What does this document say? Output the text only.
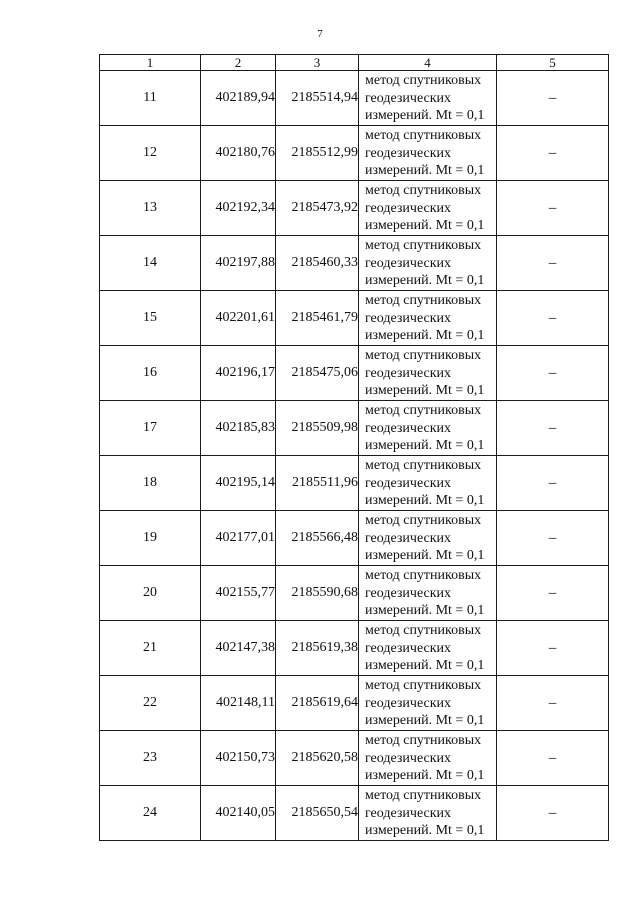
7
1	2	3	4	5
11	402189,94	2185514,94	метод спутниковых
геодезических
измерений. Mt = 0,1	–
12	402180,76	2185512,99	метод спутниковых
геодезических
измерений. Mt = 0,1	–
13	402192,34	2185473,92	метод спутниковых
геодезических
измерений. Mt = 0,1	–
14	402197,88	2185460,33	метод спутниковых
геодезических
измерений. Mt = 0,1	–
15	402201,61	2185461,79	метод спутниковых
геодезических
измерений. Mt = 0,1	–
16	402196,17	2185475,06	метод спутниковых
геодезических
измерений. Mt = 0,1	–
17	402185,83	2185509,98	метод спутниковых
геодезических
измерений. Mt = 0,1	–
18	402195,14	2185511,96	метод спутниковых
геодезических
измерений. Mt = 0,1	–
19	402177,01	2185566,48	метод спутниковых
геодезических
измерений. Mt = 0,1	–
20	402155,77	2185590,68	метод спутниковых
геодезических
измерений. Mt = 0,1	–
21	402147,38	2185619,38	метод спутниковых
геодезических
измерений. Mt = 0,1	–
22	402148,11	2185619,64	метод спутниковых
геодезических
измерений. Mt = 0,1	–
23	402150,73	2185620,58	метод спутниковых
геодезических
измерений. Mt = 0,1	–
24	402140,05	2185650,54	метод спутниковых
геодезических
измерений. Mt = 0,1	–
